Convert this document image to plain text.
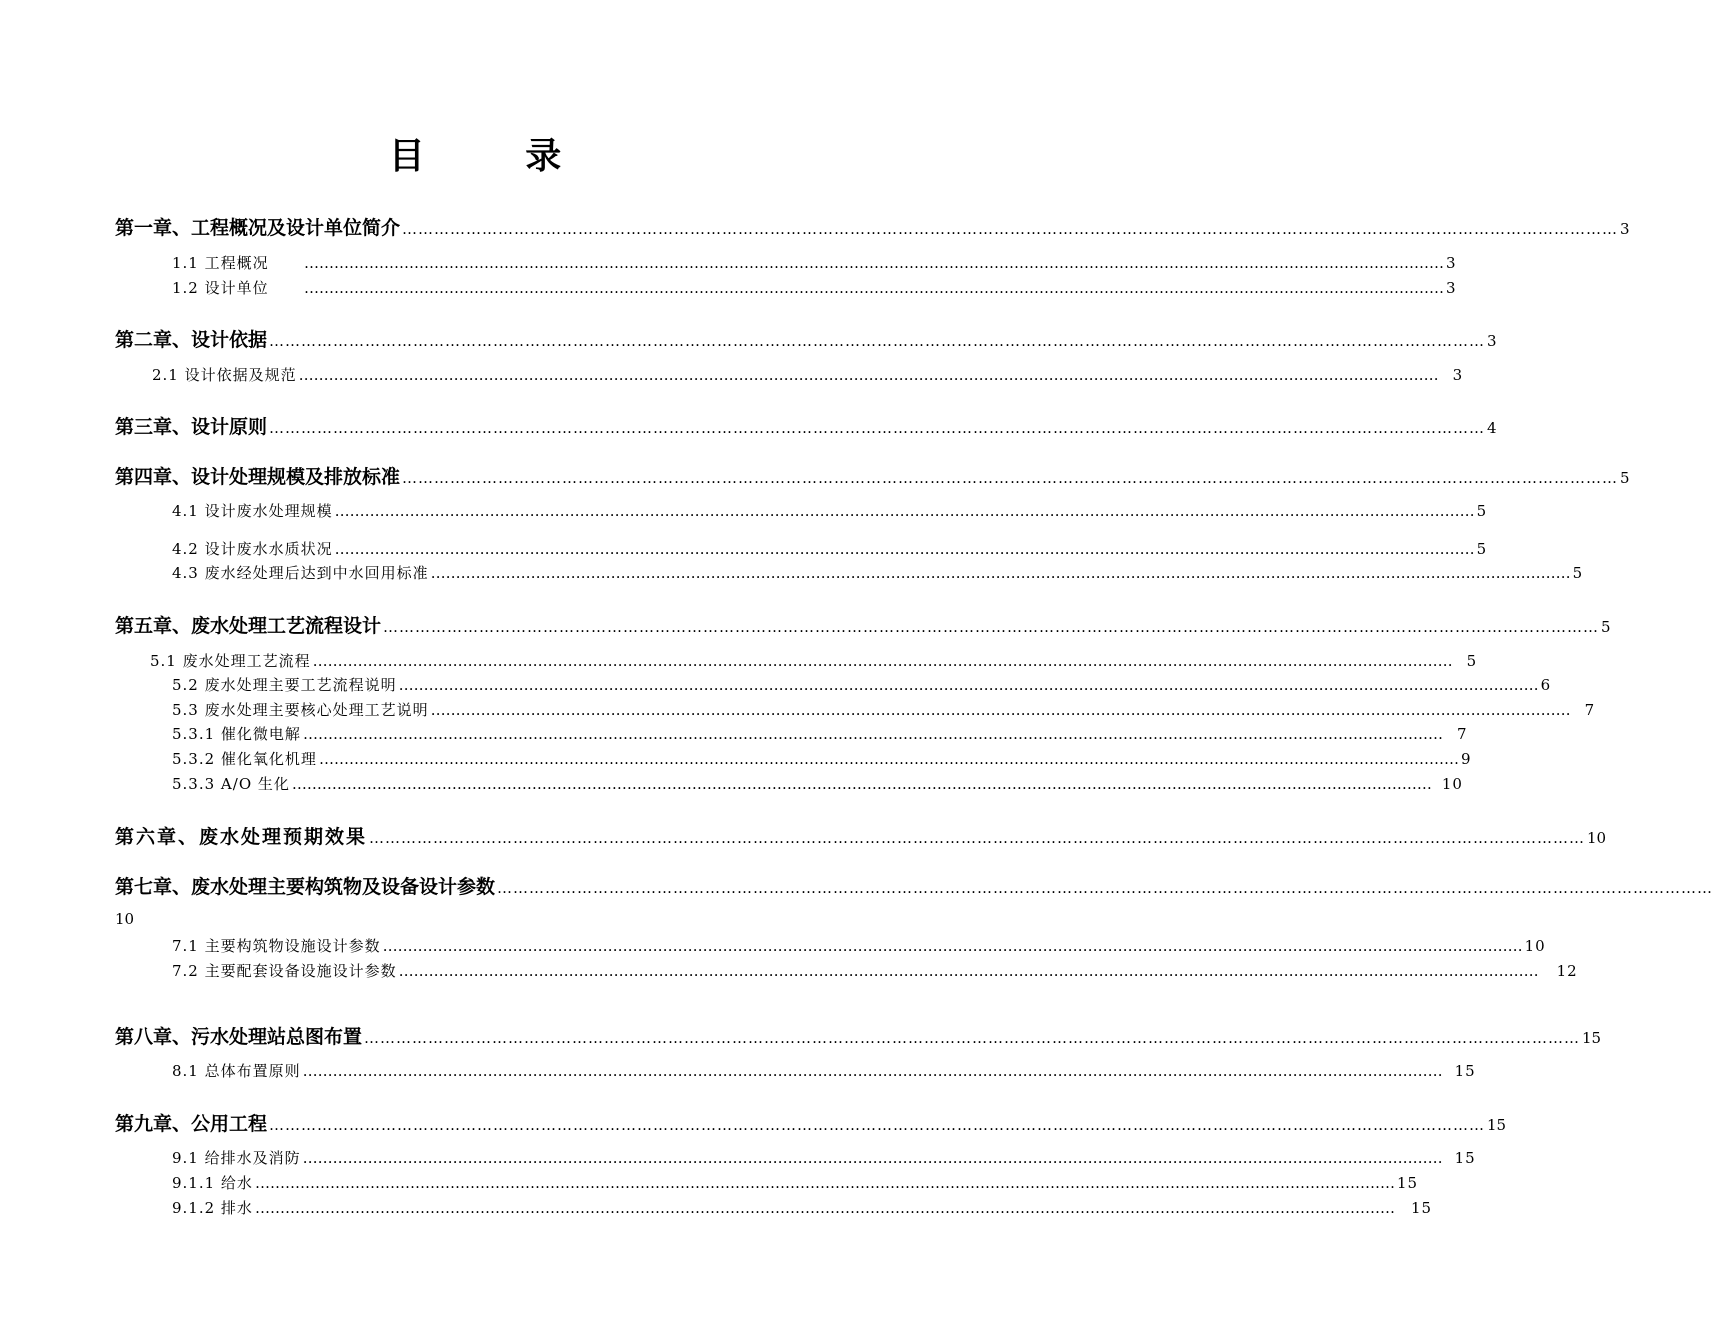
目 录
第一章、工程概况及设计单位简介 ………………………………………………………………………………………………………………………………………………………………………………………………………… 3
1.1 工程概况	………………………………………………………………………………………………………………………………………………………………………………………………………… 3
1.2 设计单位	………………………………………………………………………………………………………………………………………………………………………………………………………… 3
第二章、设计依据 ………………………………………………………………………………………………………………………………………………………………………………………………………… 3
2.1 设计依据及规范 ………………………………………………………………………………………………………………………………………………………………………………………………………… 3
第三章、设计原则 ………………………………………………………………………………………………………………………………………………………………………………………………………… 4
第四章、设计处理规模及排放标准 ………………………………………………………………………………………………………………………………………………………………………………………………………… 5
4.1 设计废水处理规模 ………………………………………………………………………………………………………………………………………………………………………………………………………… 5
4.2 设计废水水质状况 ………………………………………………………………………………………………………………………………………………………………………………………………………… 5
4.3 废水经处理后达到中水回用标准 ………………………………………………………………………………………………………………………………………………………………………………………………………… 5
第五章、废水处理工艺流程设计 ………………………………………………………………………………………………………………………………………………………………………………………………………… 5
5.1 废水处理工艺流程 ………………………………………………………………………………………………………………………………………………………………………………………………………… 5
5.2 废水处理主要工艺流程说明 ………………………………………………………………………………………………………………………………………………………………………………………………………… 6
5.3 废水处理主要核心处理工艺说明 ………………………………………………………………………………………………………………………………………………………………………………………………………… 7
5.3.1 催化微电解 ………………………………………………………………………………………………………………………………………………………………………………………………………… 7
5.3.2 催化氧化机理 ………………………………………………………………………………………………………………………………………………………………………………………………………… 9
5.3.3 A/O 生化 ………………………………………………………………………………………………………………………………………………………………………………………………………… 10
第六章、废水处理预期效果 ………………………………………………………………………………………………………………………………………………………………………………………………………… 10
第七章、废水处理主要构筑物及设备设计参数 …………………………………………………………………………………………………………………………………………………………………………………………………………
10
7.1 主要构筑物设施设计参数 ………………………………………………………………………………………………………………………………………………………………………………………………………… 10
7.2 主要配套设备设施设计参数 ………………………………………………………………………………………………………………………………………………………………………………………………………… 12
第八章、污水处理站总图布置 ………………………………………………………………………………………………………………………………………………………………………………………………………… 15
8.1 总体布置原则 ………………………………………………………………………………………………………………………………………………………………………………………………………… 15
第九章、公用工程 ………………………………………………………………………………………………………………………………………………………………………………………………………… 15
9.1 给排水及消防 ………………………………………………………………………………………………………………………………………………………………………………………………………… 15
9.1.1 给水 ………………………………………………………………………………………………………………………………………………………………………………………………………… 15
9.1.2 排水 ………………………………………………………………………………………………………………………………………………………………………………………………………… 15
